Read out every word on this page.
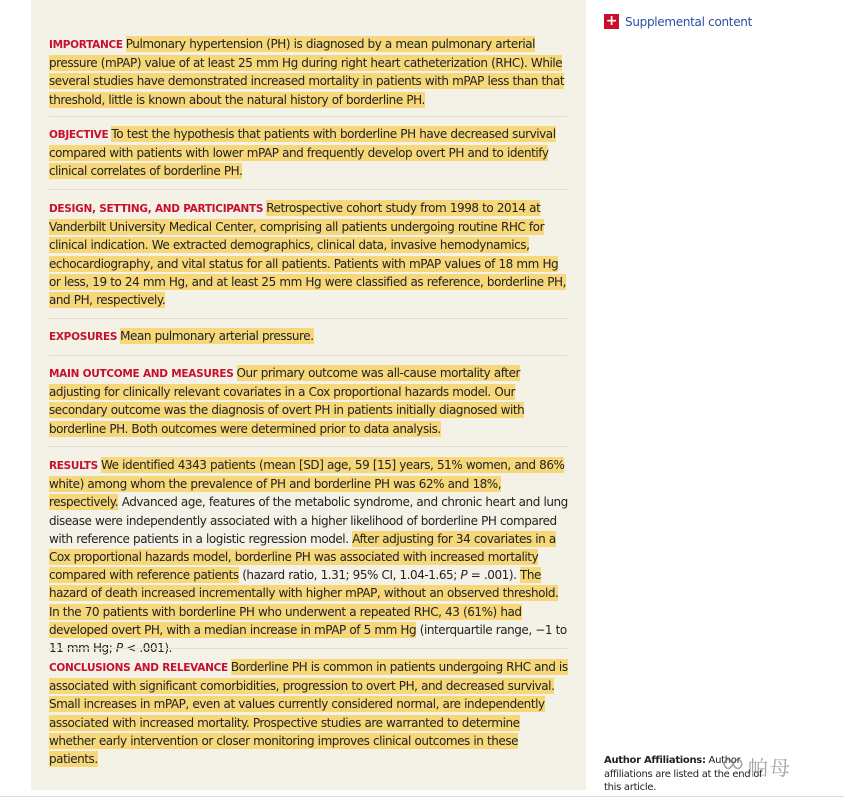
IMPORTANCE Pulmonary hypertension (PH) is diagnosed by a mean pulmonary arterial pressure (mPAP) value of at least 25 mm Hg during right heart catheterization (RHC). While several studies have demonstrated increased mortality in patients with mPAP less than that threshold, little is known about the natural history of borderline PH.

OBJECTIVE To test the hypothesis that patients with borderline PH have decreased survival compared with patients with lower mPAP and frequently develop overt PH and to identify clinical correlates of borderline PH.

DESIGN, SETTING, AND PARTICIPANTS Retrospective cohort study from 1998 to 2014 at Vanderbilt University Medical Center, comprising all patients undergoing routine RHC for clinical indication. We extracted demographics, clinical data, invasive hemodynamics, echocardiography, and vital status for all patients. Patients with mPAP values of 18 mm Hg or less, 19 to 24 mm Hg, and at least 25 mm Hg were classified as reference, borderline PH, and PH, respectively.

EXPOSURES Mean pulmonary arterial pressure.

MAIN OUTCOME AND MEASURES Our primary outcome was all-cause mortality after adjusting for clinically relevant covariates in a Cox proportional hazards model. Our secondary outcome was the diagnosis of overt PH in patients initially diagnosed with borderline PH. Both outcomes were determined prior to data analysis.

RESULTS We identified 4343 patients (mean [SD] age, 59 [15] years, 51% women, and 86% white) among whom the prevalence of PH and borderline PH was 62% and 18%, respectively. Advanced age, features of the metabolic syndrome, and chronic heart and lung disease were independently associated with a higher likelihood of borderline PH compared with reference patients in a logistic regression model. After adjusting for 34 covariates in a Cox proportional hazards model, borderline PH was associated with increased mortality compared with reference patients (hazard ratio, 1.31; 95% CI, 1.04-1.65; P = .001). The hazard of death increased incrementally with higher mPAP, without an observed threshold. In the 70 patients with borderline PH who underwent a repeated RHC, 43 (61%) had developed overt PH, with a median increase in mPAP of 5 mm Hg (interquartile range, −1 to 11 mm Hg; P < .001).

CONCLUSIONS AND RELEVANCE Borderline PH is common in patients undergoing RHC and is associated with significant comorbidities, progression to overt PH, and decreased survival. Small increases in mPAP, even at values currently considered normal, are independently associated with increased mortality. Prospective studies are warranted to determine whether early intervention or closer monitoring improves clinical outcomes in these patients.

+ Supplemental content
Author Affiliations: Author affiliations are listed at the end of this article.
帕母
